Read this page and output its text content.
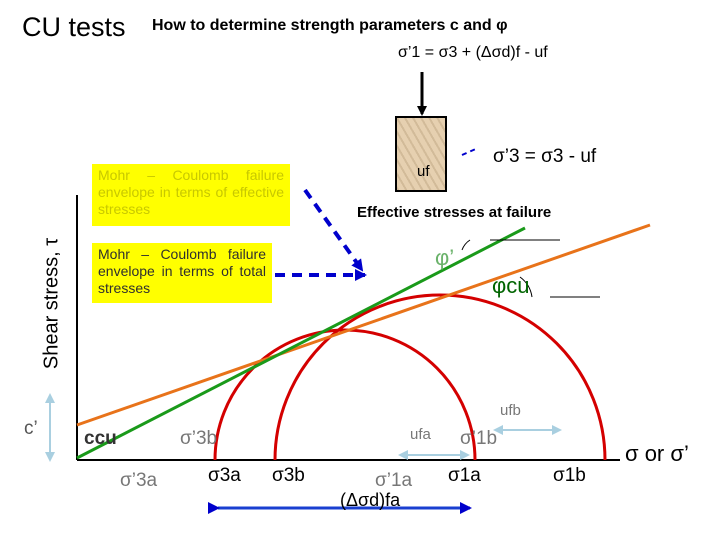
CU tests How to determine strength parameters c and φ
σ’1 = σ3 + (Δσd)f - uf
uf
σ’3 = σ3 - uf
Effective stresses at failure
Mohr – Coulomb failure envelope in terms of effective stresses
Mohr – Coulomb failure envelope in terms of total stresses
Shear stress, τ
σ or σ’
c’ ccu
φ’
φcu
σ’3a
σ’3b
σ3a σ3b	σ’1a
σ’1b
σ1a	σ1b
ufa
ufb
(Δσd)fa
